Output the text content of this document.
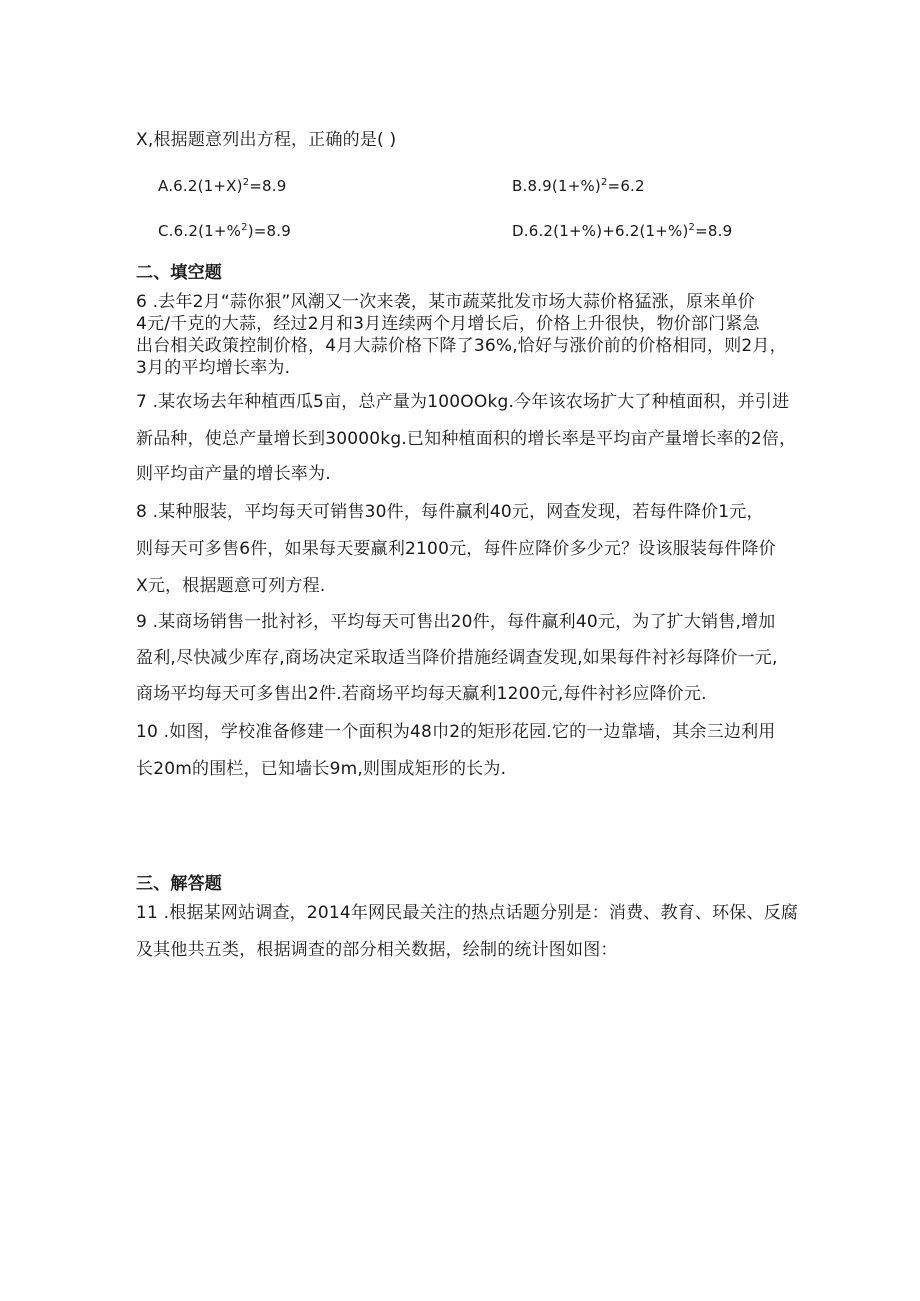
X,根据题意列出方程，正确的是( )
$A.6.2(1+X)^2=8.9$	$B.8.9(1+\%)^2=6.2$
C.6.2(1+%$^2$)=8.9	$D.6.2(1+\%)+6.2(1+\%)^2=8.9$
二、填空题
6 .去年2月“蒜你狠”风潮又一次来袭，某市蔬菜批发市场大蒜价格猛涨，原来单价
4元/千克的大蒜，经过2月和3月连续两个月增长后，价格上升很快，物价部门紧急
出台相关政策控制价格，4月大蒜价格下降了36%,恰好与涨价前的价格相同，则2月，
3月的平均增长率为.
7 .某农场去年种植西瓜5亩，总产量为100OOkg.今年该农场扩大了种植面积，并引进
新品种，使总产量增长到30000kg.已知种植面积的增长率是平均亩产量增长率的2倍，
则平均亩产量的增长率为.
8 .某种服装，平均每天可销售30件，每件赢利40元，网查发现，若每件降价1元，
则每天可多售6件，如果每天要赢利2100元，每件应降价多少元？设该服装每件降价
X元，根据题意可列方程.
9 .某商场销售一批衬衫，平均每天可售出20件，每件赢利40元，为了扩大销售,增加
盈利,尽快减少库存,商场决定采取适当降价措施经调查发现,如果每件衬衫每降价一元,
商场平均每天可多售出2件.若商场平均每天赢利1200元,每件衬衫应降价元.
10 .如图，学校准备修建一个面积为48巾2的矩形花园.它的一边靠墙，其余三边利用
长20m的围栏，已知墙长9m,则围成矩形的长为.
三、解答题
11 .根据某网站调查，2014年网民最关注的热点话题分别是：消费、教育、环保、反腐
及其他共五类，根据调查的部分相关数据，绘制的统计图如图：
